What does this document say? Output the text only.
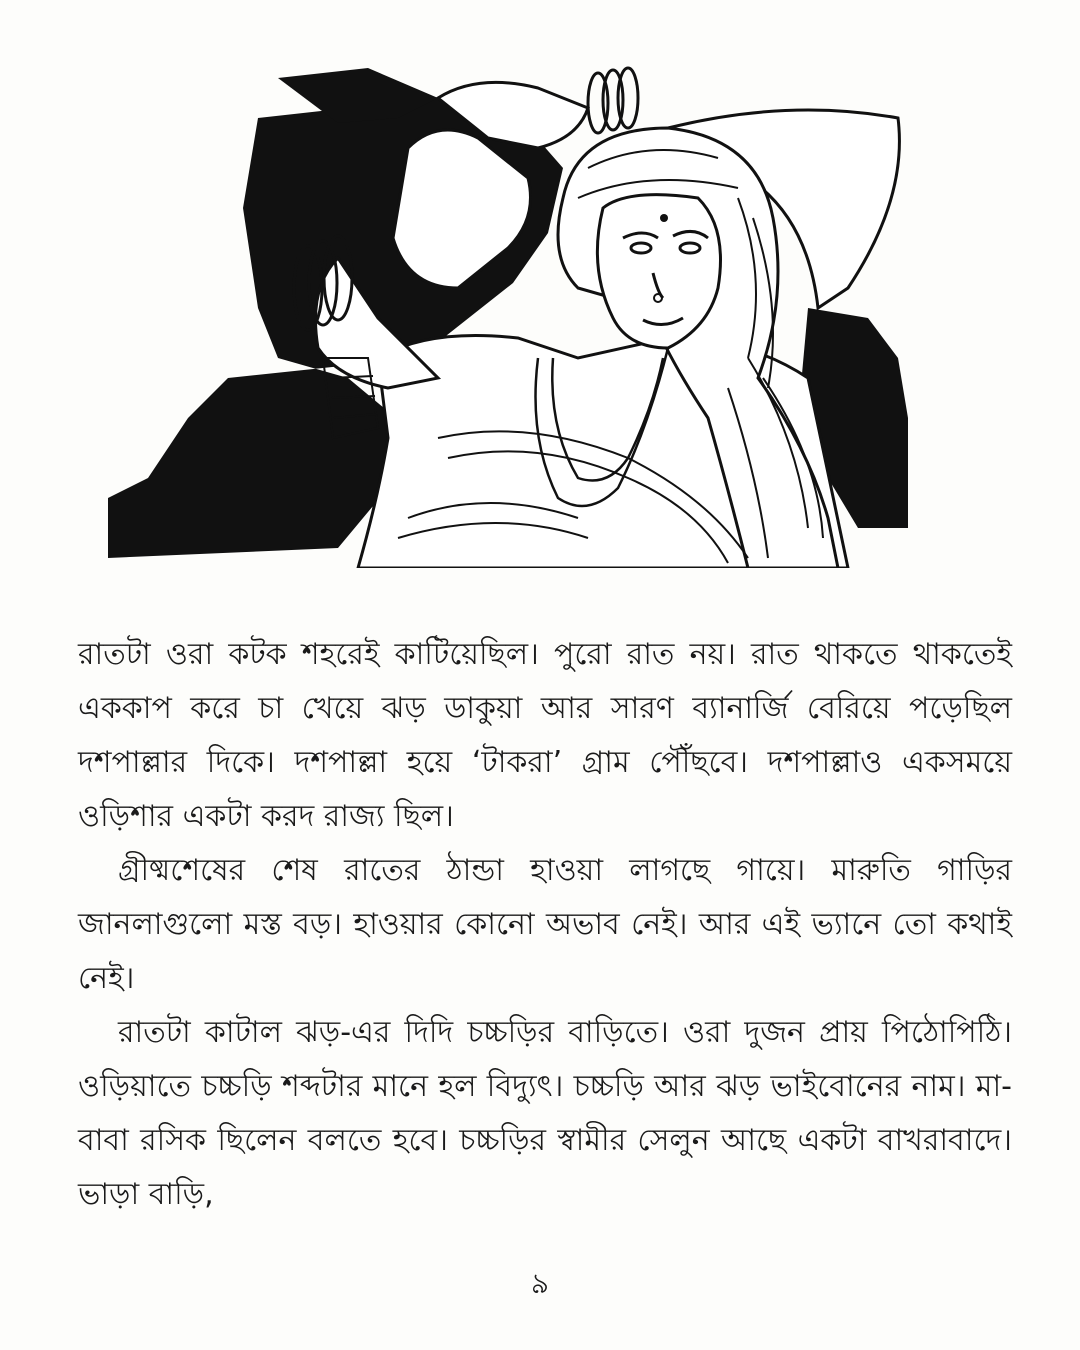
রাতটা ওরা কটক শহরেই কাটিয়েছিল। পুরো রাত নয়। রাত থাকতে থাকতেই এককাপ করে চা খেয়ে ঝড় ডাকুয়া আর সারণ ব্যানার্জি বেরিয়ে পড়েছিল দশপাল্লার দিকে। দশপাল্লা হয়ে ‘টাকরা’ গ্রাম পৌঁছবে। দশপাল্লাও একসময়ে ওড়িশার একটা করদ রাজ্য ছিল।

গ্রীষ্মশেষের শেষ রাতের ঠান্ডা হাওয়া লাগছে গায়ে। মারুতি গাড়ির জানলাগুলো মস্ত বড়। হাওয়ার কোনো অভাব নেই। আর এই ভ্যানে তো কথাই নেই।

রাতটা কাটাল ঝড়-এর দিদি চচ্চড়ির বাড়িতে। ওরা দুজন প্রায় পিঠোপিঠি। ওড়িয়াতে চচ্চড়ি শব্দটার মানে হল বিদ্যুৎ। চচ্চড়ি আর ঝড় ভাইবোনের নাম। মা-বাবা রসিক ছিলেন বলতে হবে। চচ্চড়ির স্বামীর সেলুন আছে একটা বাখরাবাদে। ভাড়া বাড়ি,

৯
